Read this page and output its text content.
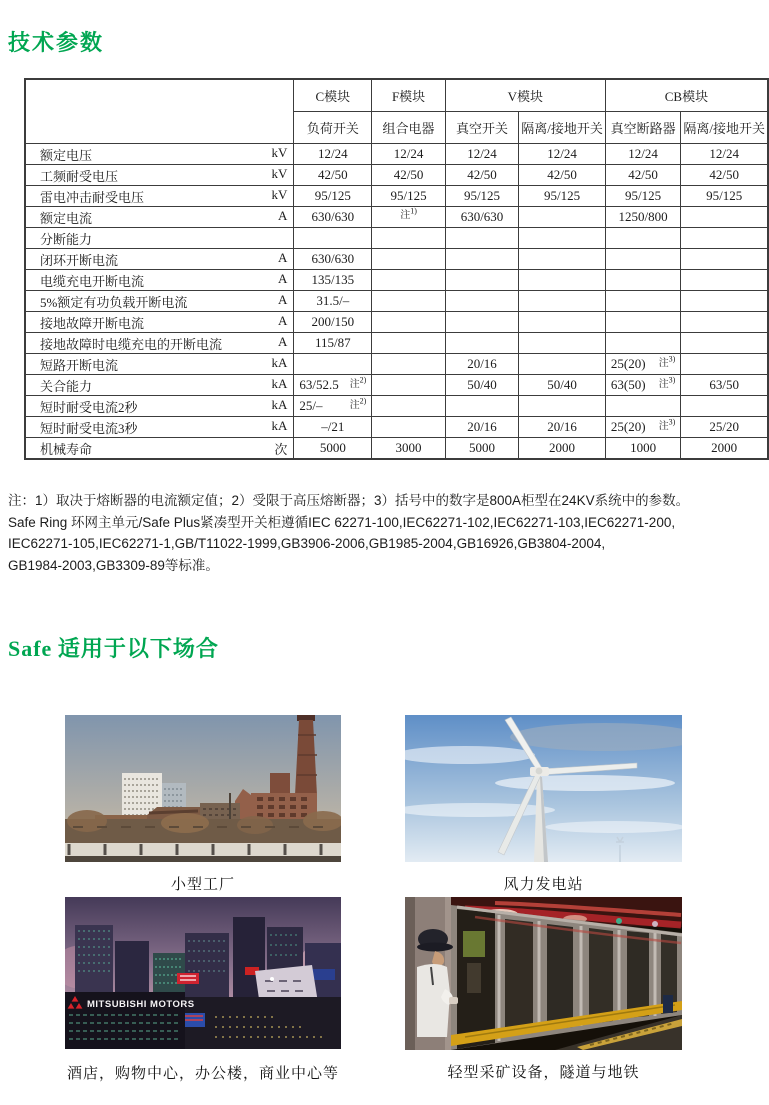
技术参数
	C模块	F模块	V模块		CB模块	
	负荷开关	组合电器	真空开关	隔离/接地开关	真空断路器	隔离/接地开关
额定电压 kV	12/24	12/24	12/24	12/24	12/24	12/24
工频耐受电压 kV	42/50	42/50	42/50	42/50	42/50	42/50
雷电冲击耐受电压 kV	95/125	95/125	95/125	95/125	95/125	95/125
额定电流 A	630/630	$^{注^{1)}}$	630/630		1250/800	
分断能力

闭环开断电流 A	630/630					
电缆充电开断电流 A	135/135					
5%额定有功负载开断电流 A	31.5/–					
接地故障开断电流 A	200/150					
接地故障时电缆充电的开断电流 A	115/87					
短路开断电流 kA			20/16		25(20) 注$^{3)}$

关合能力 kA	63/52.5 注$^{2)}$		50/40	50/40	63(50) 注$^{3)}$	63/50
短时耐受电流2秒 kA	25/– 注$^{2)}$

短时耐受电流3秒 kA	–/21		20/16	20/16	25(20) 注$^{3)}$	25/20
机械寿命 次	5000	3000	5000	2000	1000	2000
注：1）取决于熔断器的电流额定值；2）受限于高压熔断器；3）括号中的数字是800A柜型在24KV系统中的参数。
Safe Ring 环网主单元/Safe Plus紧凑型开关柜遵循IEC 62271-100,IEC62271-102,IEC62271-103,IEC62271-200,
IEC62271-105,IEC62271-1,GB/T11022-1999,GB3906-2006,GB1985-2004,GB16926,GB3804-2004,
GB1984-2003,GB3309-89等标准。
Safe 适用于以下场合
小型工厂	风力发电站
MITSUBISHI MOTORS
酒店，购物中心，办公楼，商业中心等	轻型采矿设备，隧道与地铁
